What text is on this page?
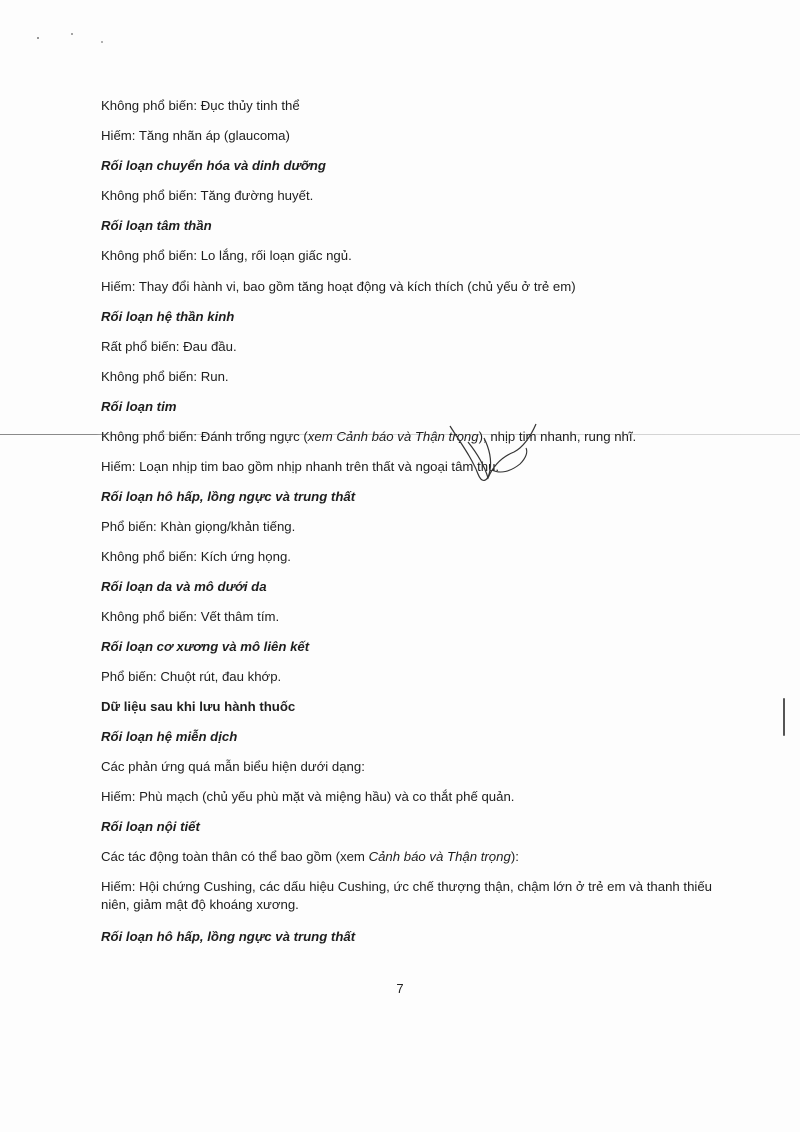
Không phổ biến: Đục thủy tinh thể
Hiếm: Tăng nhãn áp (glaucoma)
Rối loạn chuyển hóa và dinh dưỡng
Không phổ biến: Tăng đường huyết.
Rối loạn tâm thần
Không phổ biến: Lo lắng, rối loạn giấc ngủ.
Hiếm: Thay đổi hành vi, bao gồm tăng hoạt động và kích thích (chủ yếu ở trẻ em)
Rối loạn hệ thần kinh
Rất phổ biến: Đau đầu.
Không phổ biến: Run.
Rối loạn tim
Không phổ biến: Đánh trống ngực (xem Cảnh báo và Thận trọng), nhịp tim nhanh, rung nhĩ.
Hiếm: Loạn nhịp tim bao gồm nhịp nhanh trên thất và ngoại tâm thu.
Rối loạn hô hấp, lồng ngực và trung thất
Phổ biến: Khàn giọng/khản tiếng.
Không phổ biến: Kích ứng họng.
Rối loạn da và mô dưới da
Không phổ biến: Vết thâm tím.
Rối loạn cơ xương và mô liên kết
Phổ biến: Chuột rút, đau khớp.
Dữ liệu sau khi lưu hành thuốc
Rối loạn hệ miễn dịch
Các phản ứng quá mẫn biểu hiện dưới dạng:
Hiếm: Phù mạch (chủ yếu phù mặt và miệng hầu) và co thắt phế quản.
Rối loạn nội tiết
Các tác động toàn thân có thể bao gồm (xem Cảnh báo và Thận trọng):
Hiếm: Hội chứng Cushing, các dấu hiệu Cushing, ức chế thượng thận, chậm lớn ở trẻ em và thanh thiếu niên, giảm mật độ khoáng xương.
Rối loạn hô hấp, lồng ngực và trung thất
7
